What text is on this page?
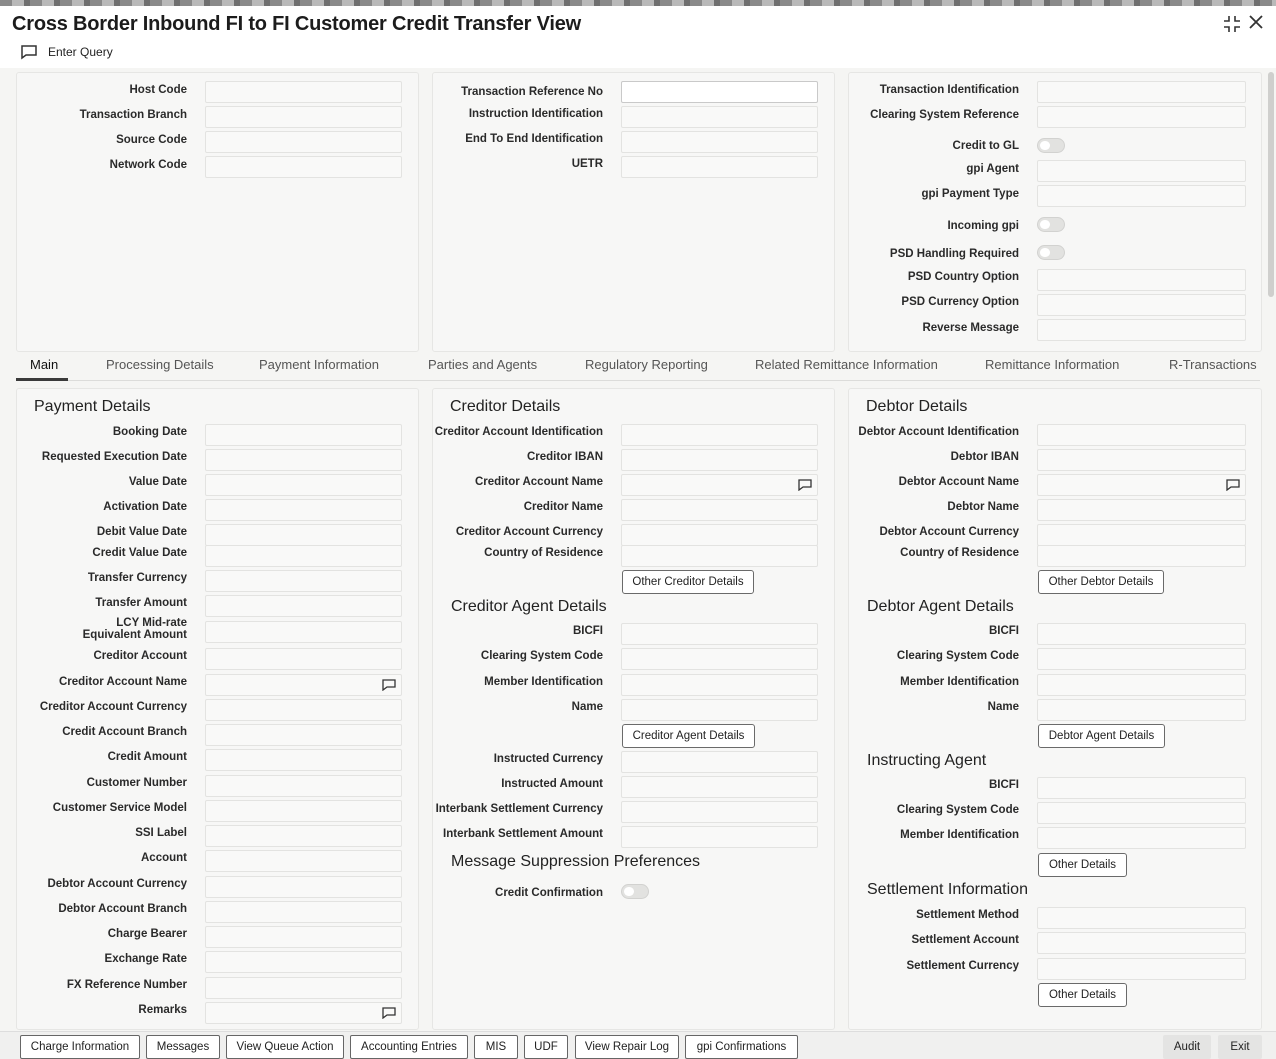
Cross Border Inbound FI to FI Customer Credit Transfer View
Enter Query
Host Code
Transaction Branch
Source Code
Network Code
Transaction Reference No
Instruction Identification
End To End Identification
UETR
Transaction Identification
Clearing System Reference
Credit to GL
gpi Agent
gpi Payment Type
Incoming gpi
PSD Handling Required
PSD Country Option
PSD Currency Option
Reverse Message
Main	Processing Details	Payment Information	Parties and Agents	Regulatory Reporting	Related Remittance Information	Remittance Information	R-Transactions
Payment Details
Booking Date
Requested Execution Date
Value Date
Activation Date
Debit Value Date
Credit Value Date
Transfer Currency
Transfer Amount
LCY Mid-rate Equivalent Amount
Creditor Account
Creditor Account Name
Creditor Account Currency
Credit Account Branch
Credit Amount
Customer Number
Customer Service Model
SSI Label
Account
Debtor Account Currency
Debtor Account Branch
Charge Bearer
Exchange Rate
FX Reference Number
Remarks
Creditor Details
Creditor Account Identification
Creditor IBAN
Creditor Account Name
Creditor Name
Creditor Account Currency
Country of Residence
Other Creditor Details
Creditor Agent Details
BICFI
Clearing System Code
Member Identification
Name
Creditor Agent Details
Instructed Currency
Instructed Amount
Interbank Settlement Currency
Interbank Settlement Amount
Message Suppression Preferences
Credit Confirmation
Debtor Details
Debtor Account Identification
Debtor IBAN
Debtor Account Name
Debtor Name
Debtor Account Currency
Country of Residence
Other Debtor Details
Debtor Agent Details
BICFI
Clearing System Code
Member Identification
Name
Debtor Agent Details
Instructing Agent
BICFI
Clearing System Code
Member Identification
Other Details
Settlement Information
Settlement Method
Settlement Account
Settlement Currency
Other Details
Charge Information	Messages	View Queue Action	Accounting Entries	MIS	UDF	View Repair Log	gpi Confirmations	Audit	Exit
